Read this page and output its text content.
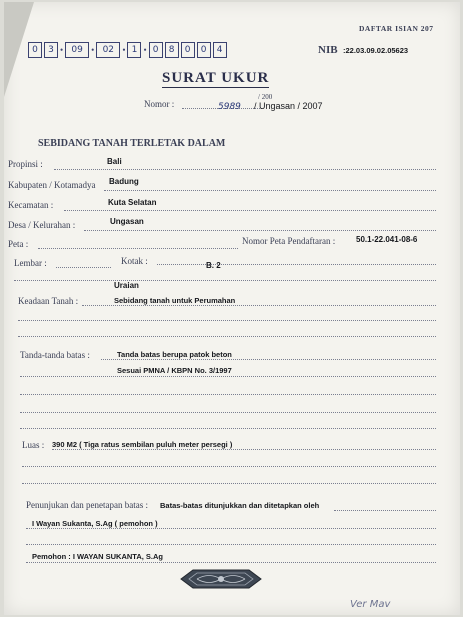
DAFTAR ISIAN 207
0	3 • 09 • 02 • 1 • 0	8	0	0	4	NIB :22.03.09.02.05623
SURAT UKUR
Nomor :
/ 200
5989 / Ungasan / 2007
SEBIDANG TANAH TERLETAK DALAM
Propinsi :	Bali
Kabupaten / Kotamadya Badung
Kecamatan :	Kuta Selatan
Desa / Kelurahan :	Ungasan
Peta :	Nomor Peta Pendaftaran :	50.1-22.041-08-6
Lembar :	Kotak :	B. 2
Uraian
Keadaan Tanah :	Sebidang tanah untuk Perumahan
Tanda-tanda batas :	Tanda batas berupa patok beton
Sesuai PMNA / KBPN No. 3/1997
Luas : 390 M2 ( Tiga ratus sembilan puluh meter persegi )
Penunjukan dan penetapan batas : Batas-batas ditunjukkan dan ditetapkan oleh
I Wayan Sukanta, S.Ag ( pemohon )
Pemohon : I WAYAN SUKANTA, S.Ag
Ver Mav
